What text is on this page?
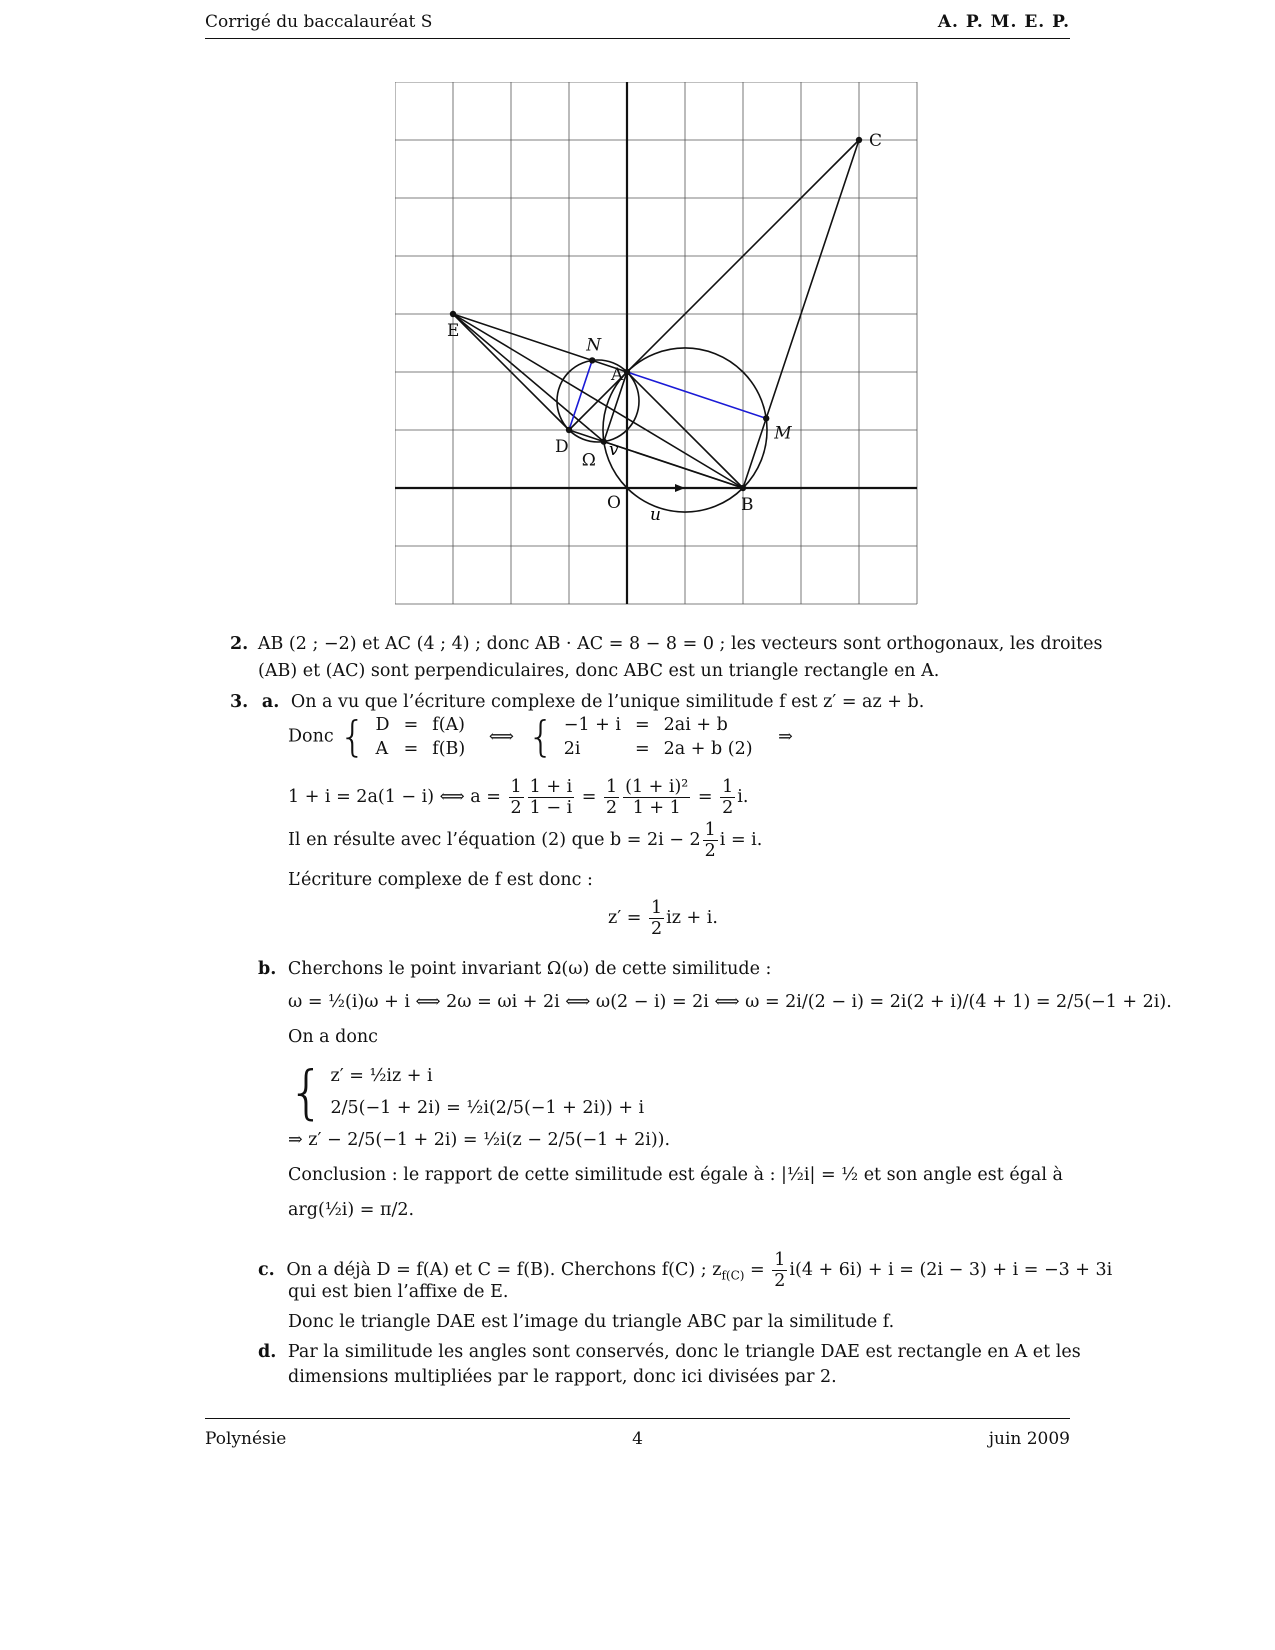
Corrigé du baccalauréat S	A. P. M. E. P.
A
B
C
D
E
N
M
Ω
O
u
v
2. AB (2 ; −2) et AC (4 ; 4) ; donc AB · AC = 8 − 8 = 0 ; les vecteurs sont orthogonaux, les droites
(AB) et (AC) sont perpendiculaires, donc ABC est un triangle rectangle en A.
3. a. On a vu que l’écriture complexe de l’unique similitude f est z′ = az + b.
Donc { D	=	f(A)
A	=	f(B) ⟺ { −1 + i	=	2ai + b
2i	=	2a + b (2) ⇒
1 + i = 2a(1 − i) ⟺ $a = \frac{1}{2} \frac{1 + i}{1 - i} = \frac{1}{2} \frac{\text{(1 + i)²}}{1 + 1} = \frac{1}{2} i$.
Il en résulte avec l’équation (2) que $b = 2i - 2 \frac{1}{2}$ i = i.
L’écriture complexe de f est donc :
$z' = \frac{1}{2}$ iz + i.
b. Cherchons le point invariant Ω(ω) de cette similitude :
ω = ½(i)ω + i ⟺ 2ω = ωi + 2i ⟺ ω(2 − i) = 2i ⟺ ω = 2i/(2 − i) = 2i(2 + i)/(4 + 1) = 2/5(−1 + 2i).
On a donc
{ z′ = ½iz + i
2/5(−1 + 2i) = ½i(2/5(−1 + 2i)) + i
⇒ z′ − 2/5(−1 + 2i) = ½i(z − 2/5(−1 + 2i)).
Conclusion : le rapport de cette similitude est égale à : |½i| = ½ et son angle est égal à
arg(½i) = π/2.
c. On a déjà D = f(A) et C = f(B). Cherchons f(C) ; $z_{f(C)} = \frac{1}{2} i(4 + 6i) + i = (2i - 3) + i = -3 + 3i$
qui est bien l’affixe de E.
Donc le triangle DAE est l’image du triangle ABC par la similitude f.
d. Par la similitude les angles sont conservés, donc le triangle DAE est rectangle en A et les
dimensions multipliées par le rapport, donc ici divisées par 2.
Polynésie	4	juin 2009
